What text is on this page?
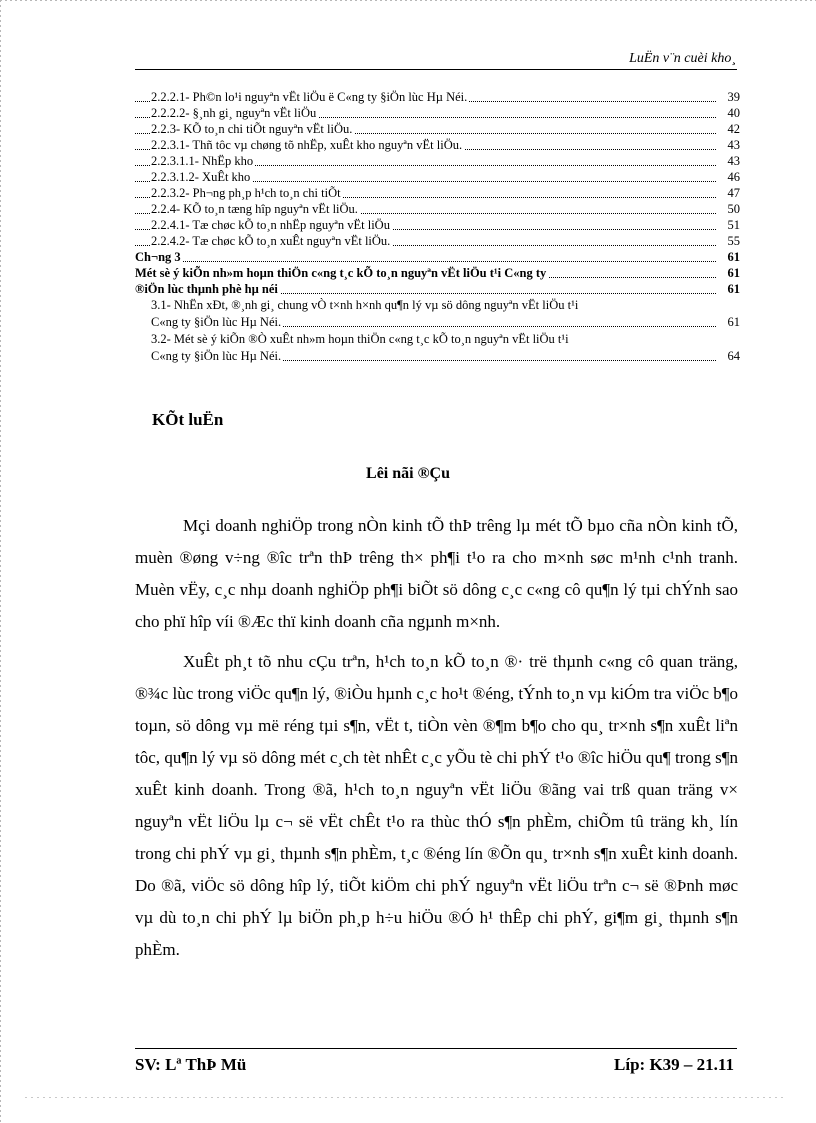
LuËn v¨n cuèi kho¸
2.2.2.1- Ph©n lo¹i nguyªn vËt liÖu ë C«ng ty §iÖn lùc Hµ Néi.	39
2.2.2.2- §¸nh gi¸ nguyªn vËt liÖu	40
2.2.3- KÕ to¸n chi tiÕt nguyªn vËt liÖu.	42
2.2.3.1- Thñ tôc vµ chøng tõ nhËp, xuÊt kho nguyªn vËt liÖu.	43
2.2.3.1.1- NhËp kho	43
2.2.3.1.2- XuÊt kho	46
2.2.3.2- Ph¬ng ph¸p h¹ch to¸n chi tiÕt	47
2.2.4- KÕ to¸n tæng hîp nguyªn vËt liÖu.	50
2.2.4.1- Tæ chøc kÕ to¸n nhËp nguyªn vËt liÖu	51
2.2.4.2- Tæ chøc kÕ to¸n xuÊt nguyªn vËt liÖu.	55
Ch¬ng 3	61
Mét sè ý kiÕn nh»m hoµn thiÖn c«ng t¸c kÕ to¸n nguyªn vËt liÖu t¹i C«ng ty	61
®iÖn lùc thµnh phè hµ néi	61
3.1- NhËn xÐt, ®¸nh gi¸ chung vÒ t×nh h×nh qu¶n lý vµ sö dông nguyªn vËt liÖu t¹i
C«ng ty §iÖn lùc Hµ Néi.	61
3.2- Mét sè ý kiÕn ®Ò xuÊt nh»m hoµn thiÖn c«ng t¸c kÕ to¸n nguyªn vËt liÖu t¹i
C«ng ty §iÖn lùc Hµ Néi.	64
KÕt luËn
Lêi nãi ®Çu

Mçi doanh nghiÖp trong nÒn kinh tÕ thÞ trêng lµ mét tÕ bµo cña nÒn kinh tÕ, muèn ®øng v÷ng ®îc trªn thÞ trêng th× ph¶i t¹o ra cho m×nh søc m¹nh c¹nh tranh. Muèn vËy, c¸c nhµ doanh nghiÖp ph¶i biÕt sö dông c¸c c«ng cô qu¶n lý tµi chÝnh sao cho phï hîp víi ®Æc thï kinh doanh cña ngµnh m×nh.

XuÊt ph¸t tõ nhu cÇu trªn, h¹ch to¸n kÕ to¸n ®· trë thµnh c«ng cô quan träng, ®¾c lùc trong viÖc qu¶n lý, ®iÒu hµnh c¸c ho¹t ®éng, tÝnh to¸n vµ kiÓm tra viÖc b¶o toµn, sö dông vµ më réng tµi s¶n, vËt t, tiÒn vèn ®¶m b¶o cho qu¸ tr×nh s¶n xuÊt liªn tôc, qu¶n lý vµ sö dông mét c¸ch tèt nhÊt c¸c yÕu tè chi phÝ t¹o ®îc hiÖu qu¶ trong s¶n xuÊt kinh doanh. Trong ®ã, h¹ch to¸n nguyªn vËt liÖu ®ãng vai trß quan träng v× nguyªn vËt liÖu lµ c¬ së vËt chÊt t¹o ra thùc thÓ s¶n phÈm, chiÕm tû träng kh¸ lín trong chi phÝ vµ gi¸ thµnh s¶n phÈm, t¸c ®éng lín ®Õn qu¸ tr×nh s¶n xuÊt kinh doanh. Do ®ã, viÖc sö dông hîp lý, tiÕt kiÖm chi phÝ nguyªn vËt liÖu trªn c¬ së ®Þnh møc vµ dù to¸n chi phÝ lµ biÖn ph¸p h÷u hiÖu ®Ó h¹ thÊp chi phÝ, gi¶m gi¸ thµnh s¶n phÈm.

SV: Lª ThÞ Mü	Líp: K39 – 21.11
